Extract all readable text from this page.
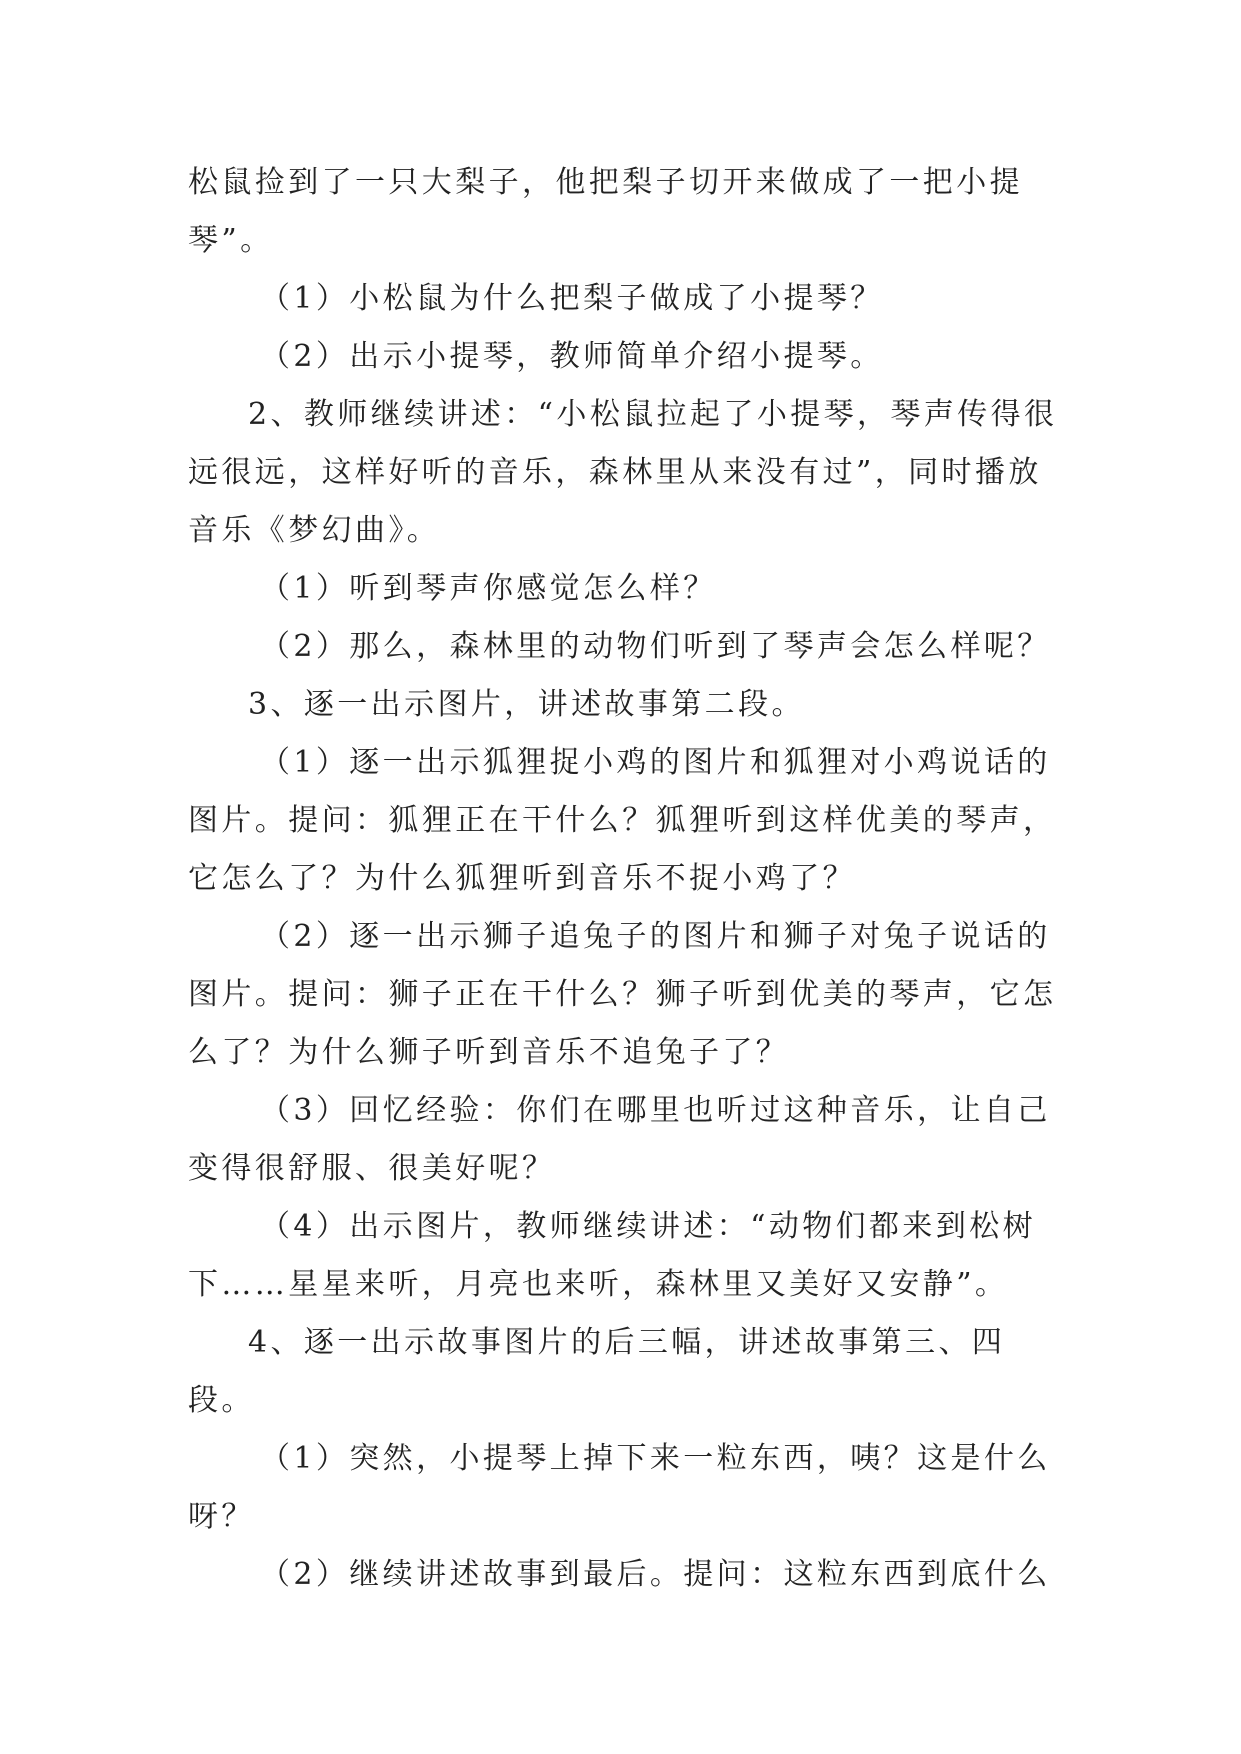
松鼠捡到了一只大梨子，他把梨子切开来做成了一把小提琴”。

（1）小松鼠为什么把梨子做成了小提琴？

（2）出示小提琴，教师简单介绍小提琴。

2、教师继续讲述：“小松鼠拉起了小提琴，琴声传得很远很远，这样好听的音乐，森林里从来没有过”，同时播放音乐《梦幻曲》。

（1）听到琴声你感觉怎么样？

（2）那么，森林里的动物们听到了琴声会怎么样呢？

3、逐一出示图片，讲述故事第二段。

（1）逐一出示狐狸捉小鸡的图片和狐狸对小鸡说话的图片。提问：狐狸正在干什么？狐狸听到这样优美的琴声，它怎么了？为什么狐狸听到音乐不捉小鸡了？

（2）逐一出示狮子追兔子的图片和狮子对兔子说话的图片。提问：狮子正在干什么？狮子听到优美的琴声，它怎么了？为什么狮子听到音乐不追兔子了？

（3）回忆经验：你们在哪里也听过这种音乐，让自己变得很舒服、很美好呢？

（4）出示图片，教师继续讲述：“动物们都来到松树下……星星来听，月亮也来听，森林里又美好又安静”。

4、逐一出示故事图片的后三幅，讲述故事第三、四段。

（1）突然，小提琴上掉下来一粒东西，咦？这是什么呀？

（2）继续讲述故事到最后。提问：这粒东西到底什么
